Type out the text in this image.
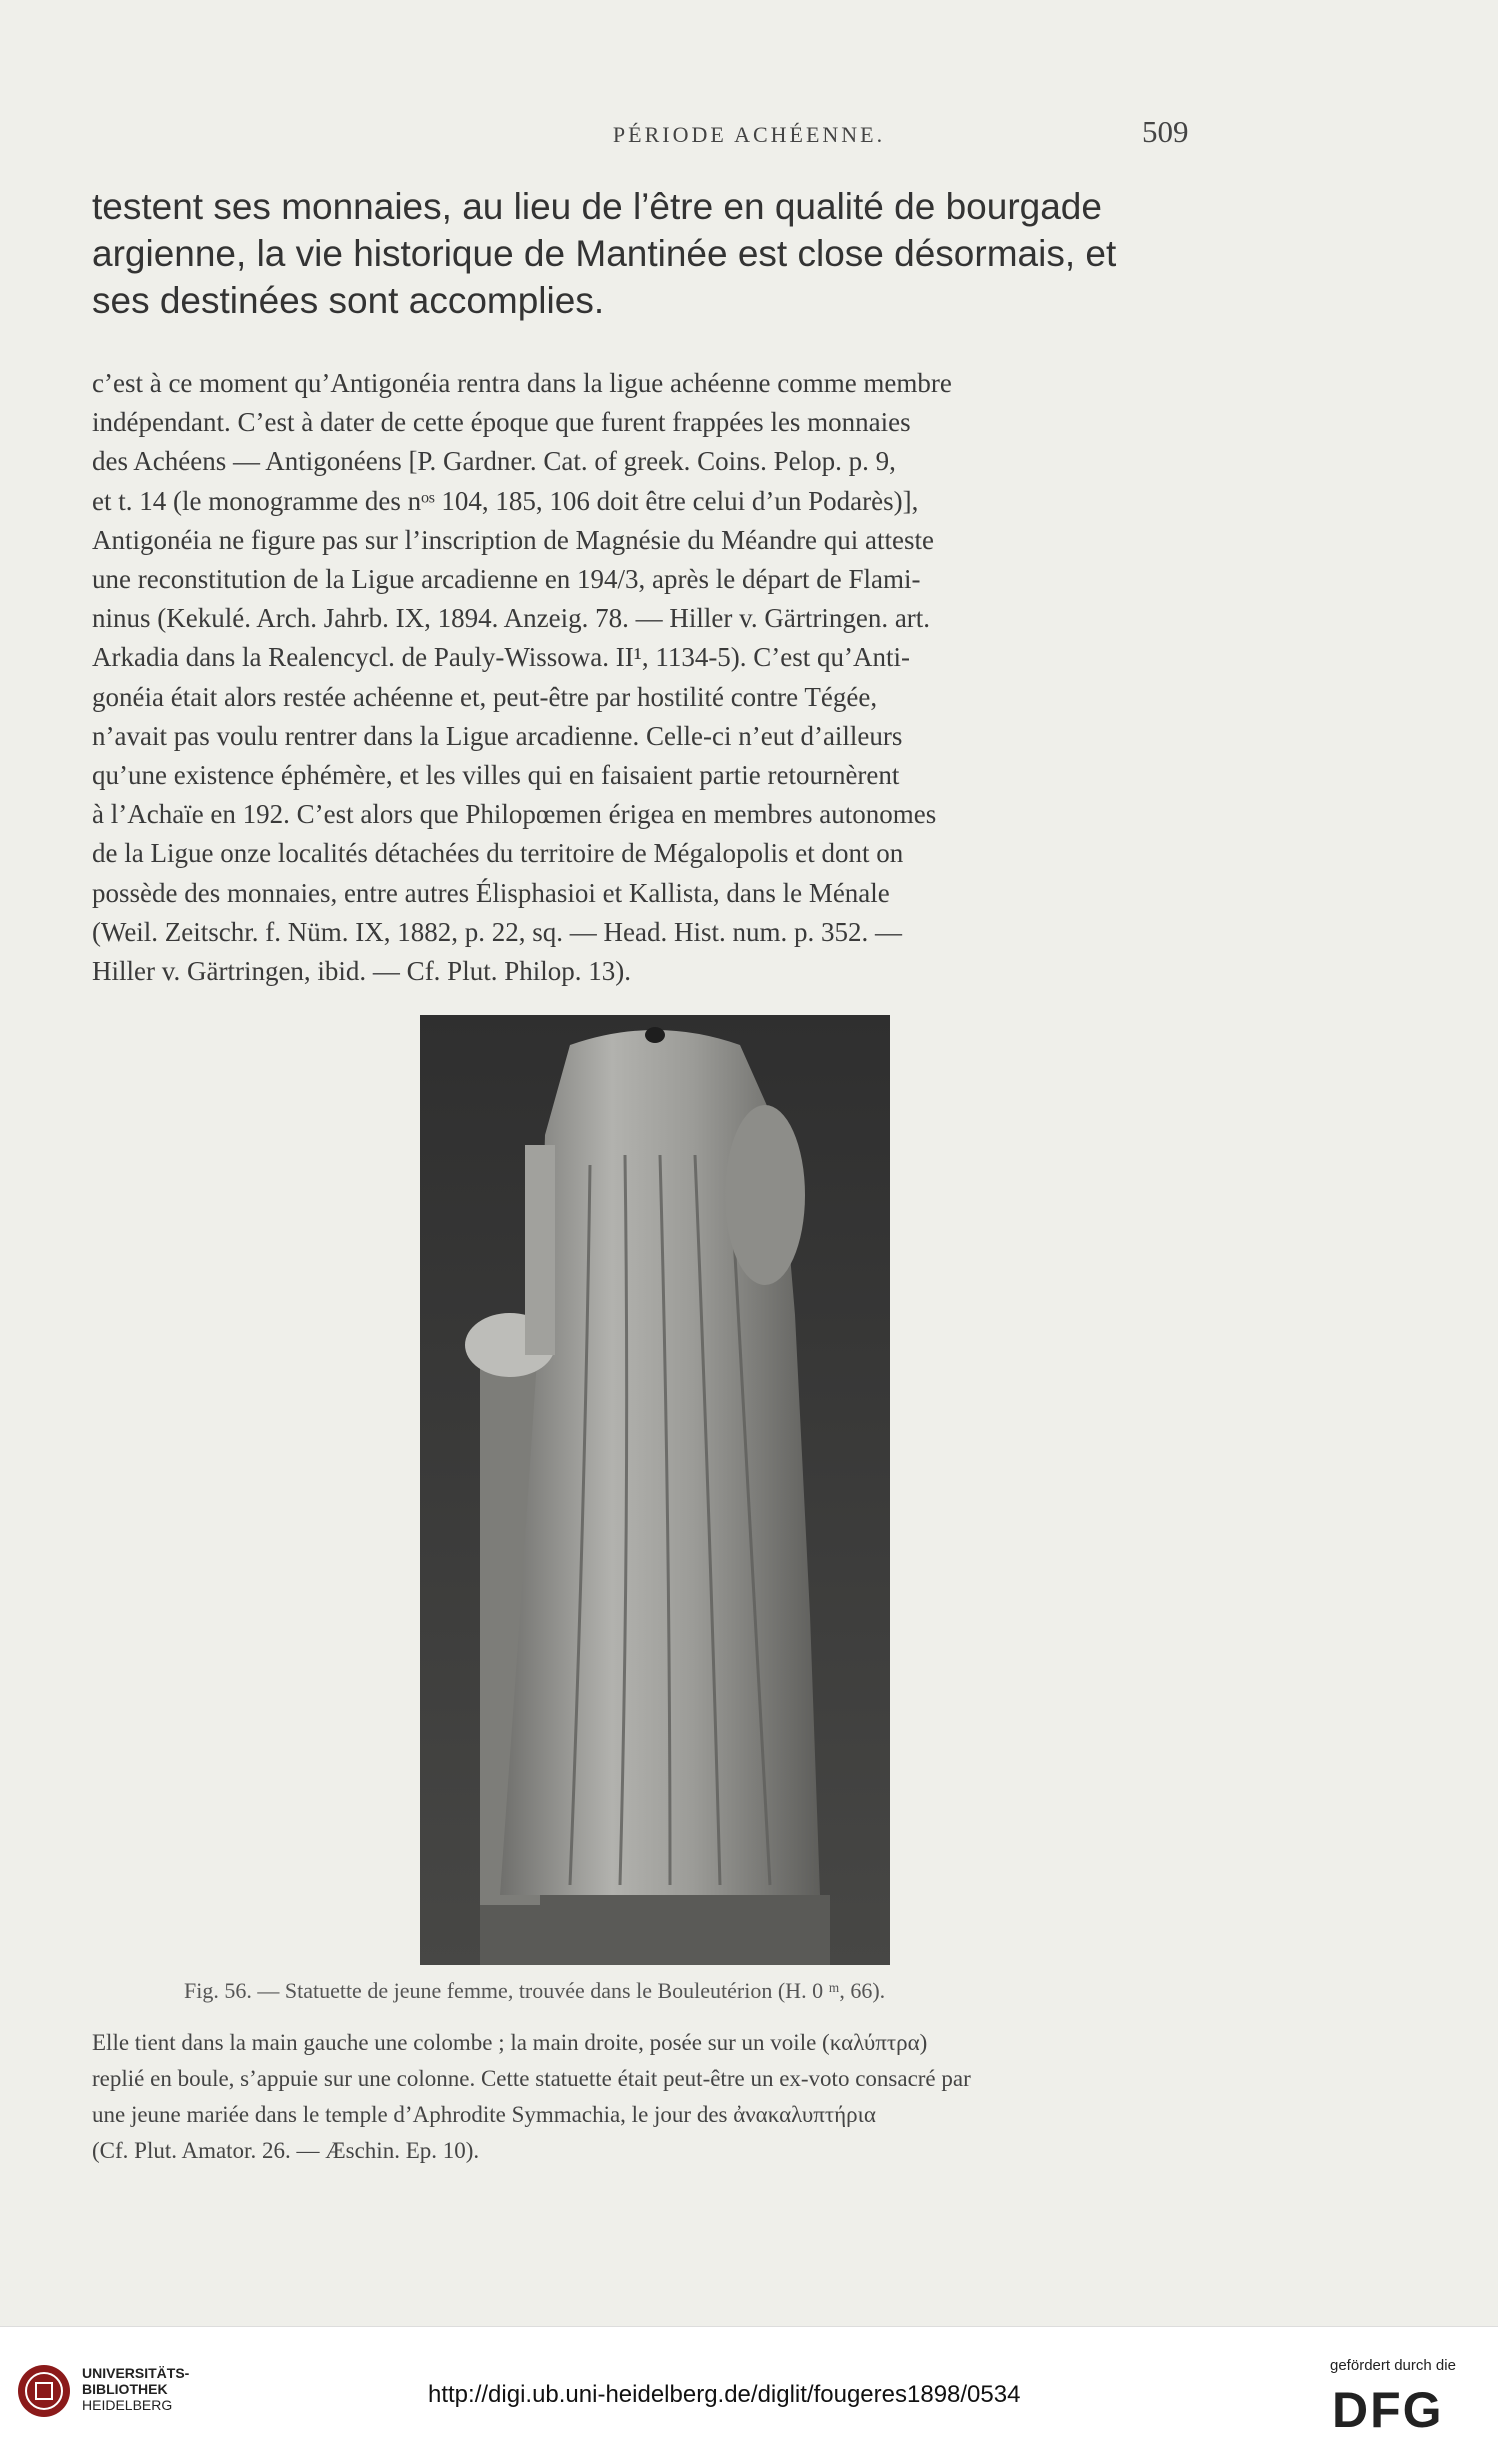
PÉRIODE ACHÉENNE.	509
testent ses monnaies, au lieu de l’être en qualité de bourgade
argienne, la vie historique de Mantinée est close désormais, et
ses destinées sont accomplies.
c’est à ce moment qu’Antigonéia rentra dans la ligue achéenne comme membre
indépendant. C’est à dater de cette époque que furent frappées les monnaies
des Achéens — Antigonéens [P. Gardner. Cat. of greek. Coins. Pelop. p. 9,
et t. 14 (le monogramme des nᵒˢ 104, 185, 106 doit être celui d’un Podarès)],
Antigonéia ne figure pas sur l’inscription de Magnésie du Méandre qui atteste
une reconstitution de la Ligue arcadienne en 194/3, après le départ de Flami-
ninus (Kekulé. Arch. Jahrb. IX, 1894. Anzeig. 78. — Hiller v. Gärtringen. art.
Arkadia dans la Realencycl. de Pauly-Wissowa. II¹, 1134-5). C’est qu’Anti-
gonéia était alors restée achéenne et, peut-être par hostilité contre Tégée,
n’avait pas voulu rentrer dans la Ligue arcadienne. Celle-ci n’eut d’ailleurs
qu’une existence éphémère, et les villes qui en faisaient partie retournèrent
à l’Achaïe en 192. C’est alors que Philopœmen érigea en membres autonomes
de la Ligue onze localités détachées du territoire de Mégalopolis et dont on
possède des monnaies, entre autres Élisphasioi et Kallista, dans le Ménale
(Weil. Zeitschr. f. Nüm. IX, 1882, p. 22, sq. — Head. Hist. num. p. 352. —
Hiller v. Gärtringen, ibid. — Cf. Plut. Philop. 13).
Fig. 56. — Statuette de jeune femme, trouvée dans le Bouleutérion (H. 0 ᵐ, 66).
Elle tient dans la main gauche une colombe ; la main droite, posée sur un voile (καλύπτρα)
replié en boule, s’appuie sur une colonne. Cette statuette était peut-être un ex-voto consacré par
une jeune mariée dans le temple d’Aphrodite Symmachia, le jour des ἀνακαλυπτήρια
(Cf. Plut. Amator. 26. — Æschin. Ep. 10).
UNIVERSITÄTS-
BIBLIOTHEK
HEIDELBERG	http://digi.ub.uni-heidelberg.de/diglit/fougeres1898/0534
gefördert durch die
DFG
